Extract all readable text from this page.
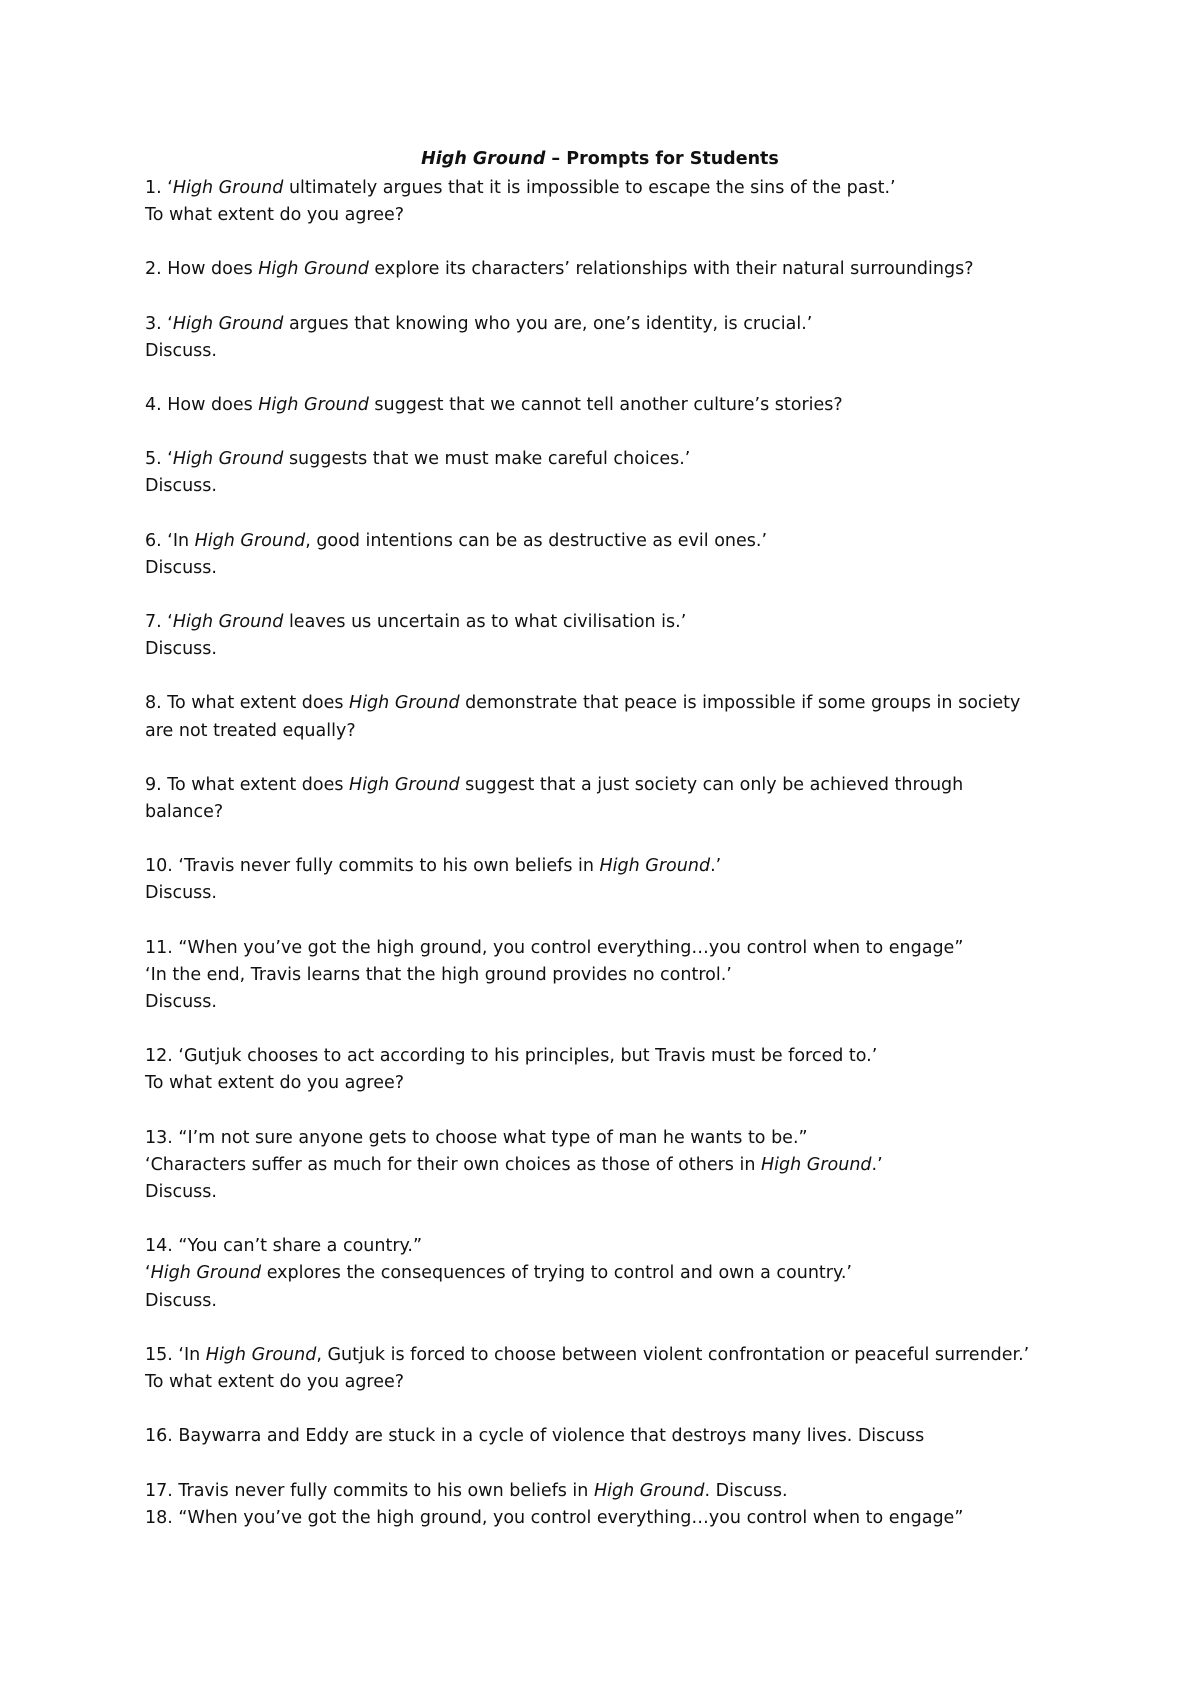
High Ground – Prompts for Students
1. ‘High Ground ultimately argues that it is impossible to escape the sins of the past.’
To what extent do you agree?
2. How does High Ground explore its characters’ relationships with their natural surroundings?
3. ‘High Ground argues that knowing who you are, one’s identity, is crucial.’
Discuss.
4. How does High Ground suggest that we cannot tell another culture’s stories?
5. ‘High Ground suggests that we must make careful choices.’
Discuss.
6. ‘In High Ground, good intentions can be as destructive as evil ones.’
Discuss.
7. ‘High Ground leaves us uncertain as to what civilisation is.’
Discuss.
8. To what extent does High Ground demonstrate that peace is impossible if some groups in society
are not treated equally?
9. To what extent does High Ground suggest that a just society can only be achieved through
balance?
10. ‘Travis never fully commits to his own beliefs in High Ground.’
Discuss.
11. “When you’ve got the high ground, you control everything…you control when to engage”
‘In the end, Travis learns that the high ground provides no control.’
Discuss.
12. ‘Gutjuk chooses to act according to his principles, but Travis must be forced to.’
To what extent do you agree?
13. “I’m not sure anyone gets to choose what type of man he wants to be.”
‘Characters suffer as much for their own choices as those of others in High Ground.’
Discuss.
14. “You can’t share a country.”
‘High Ground explores the consequences of trying to control and own a country.’
Discuss.
15. ‘In High Ground, Gutjuk is forced to choose between violent confrontation or peaceful surrender.’
To what extent do you agree?
16. Baywarra and Eddy are stuck in a cycle of violence that destroys many lives. Discuss
17. Travis never fully commits to his own beliefs in High Ground. Discuss.
18. “When you’ve got the high ground, you control everything…you control when to engage”
